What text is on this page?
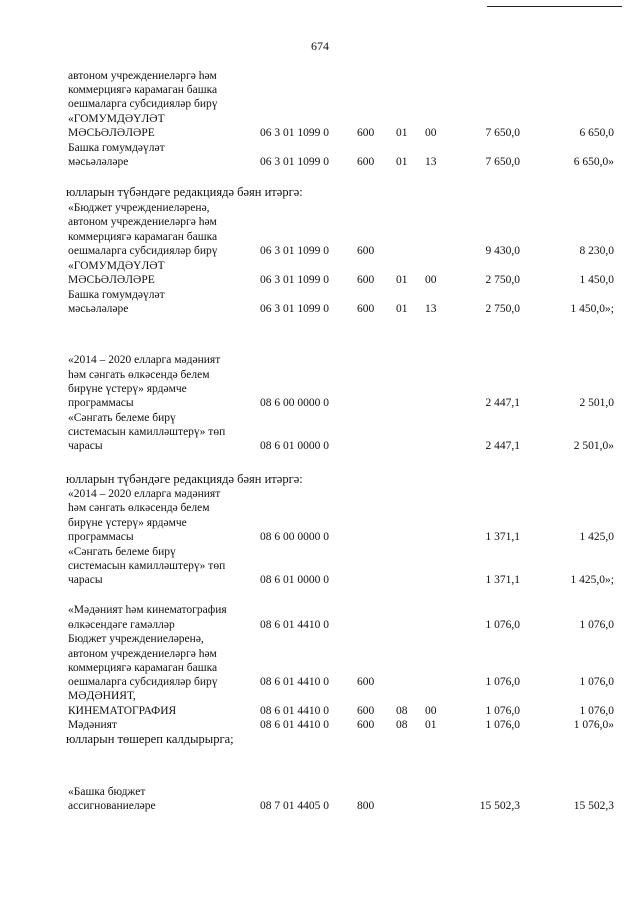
674
автоном учреждениеләргә һәм
коммерциягә карамаган башка
оешмаларга субсидияләр бирү
«ГОМУМДӘҮЛӘТ
МӘСЬӘЛӘЛӘРЕ	06 3 01 1099 0 600 01 00	7 650,0	6 650,0
Башка гомумдәүләт
мәсьәләләре	06 3 01 1099 0 600 01 13	7 650,0	6 650,0»
юлларын түбәндәге редакциядә бәян итәргә:
«Бюджет учреждениеләренә,
автоном учреждениеләргә һәм
коммерциягә карамаган башка
оешмаларга субсидияләр бирү	06 3 01 1099 0 600	9 430,0	8 230,0
«ГОМУМДӘҮЛӘТ
МӘСЬӘЛӘЛӘРЕ	06 3 01 1099 0 600 01 00	2 750,0	1 450,0
Башка гомумдәүләт
мәсьәләләре	06 3 01 1099 0 600 01 13	2 750,0	1 450,0»;
«2014 – 2020 елларга мәдәният
һәм сәнгать өлкәсендә белем
бирүне үстерү» ярдәмче
программасы	08 6 00 0000 0	2 447,1	2 501,0
«Сәнгать белеме бирү
системасын камилләштерү» төп
чарасы	08 6 01 0000 0	2 447,1	2 501,0»
юлларын түбәндәге редакциядә бәян итәргә:
«2014 – 2020 елларга мәдәният
һәм сәнгать өлкәсендә белем
бирүне үстерү» ярдәмче
программасы	08 6 00 0000 0	1 371,1	1 425,0
«Сәнгать белеме бирү
системасын камилләштерү» төп
чарасы	08 6 01 0000 0	1 371,1	1 425,0»;
«Мәдәният һәм кинематография
өлкәсендәге гамәлләр	08 6 01 4410 0	1 076,0	1 076,0
Бюджет учреждениеләренә,
автоном учреждениеләргә һәм
коммерциягә карамаган башка
оешмаларга субсидияләр бирү	08 6 01 4410 0 600	1 076,0	1 076,0
МӘДӘНИЯТ,
КИНЕМАТОГРАФИЯ	08 6 01 4410 0 600 08 00	1 076,0	1 076,0
Мәдәният	08 6 01 4410 0 600 08 01	1 076,0	1 076,0»
юлларын төшереп калдырырга;
«Башка бюджет
ассигнованиеләре	08 7 01 4405 0 800	15 502,3	15 502,3
